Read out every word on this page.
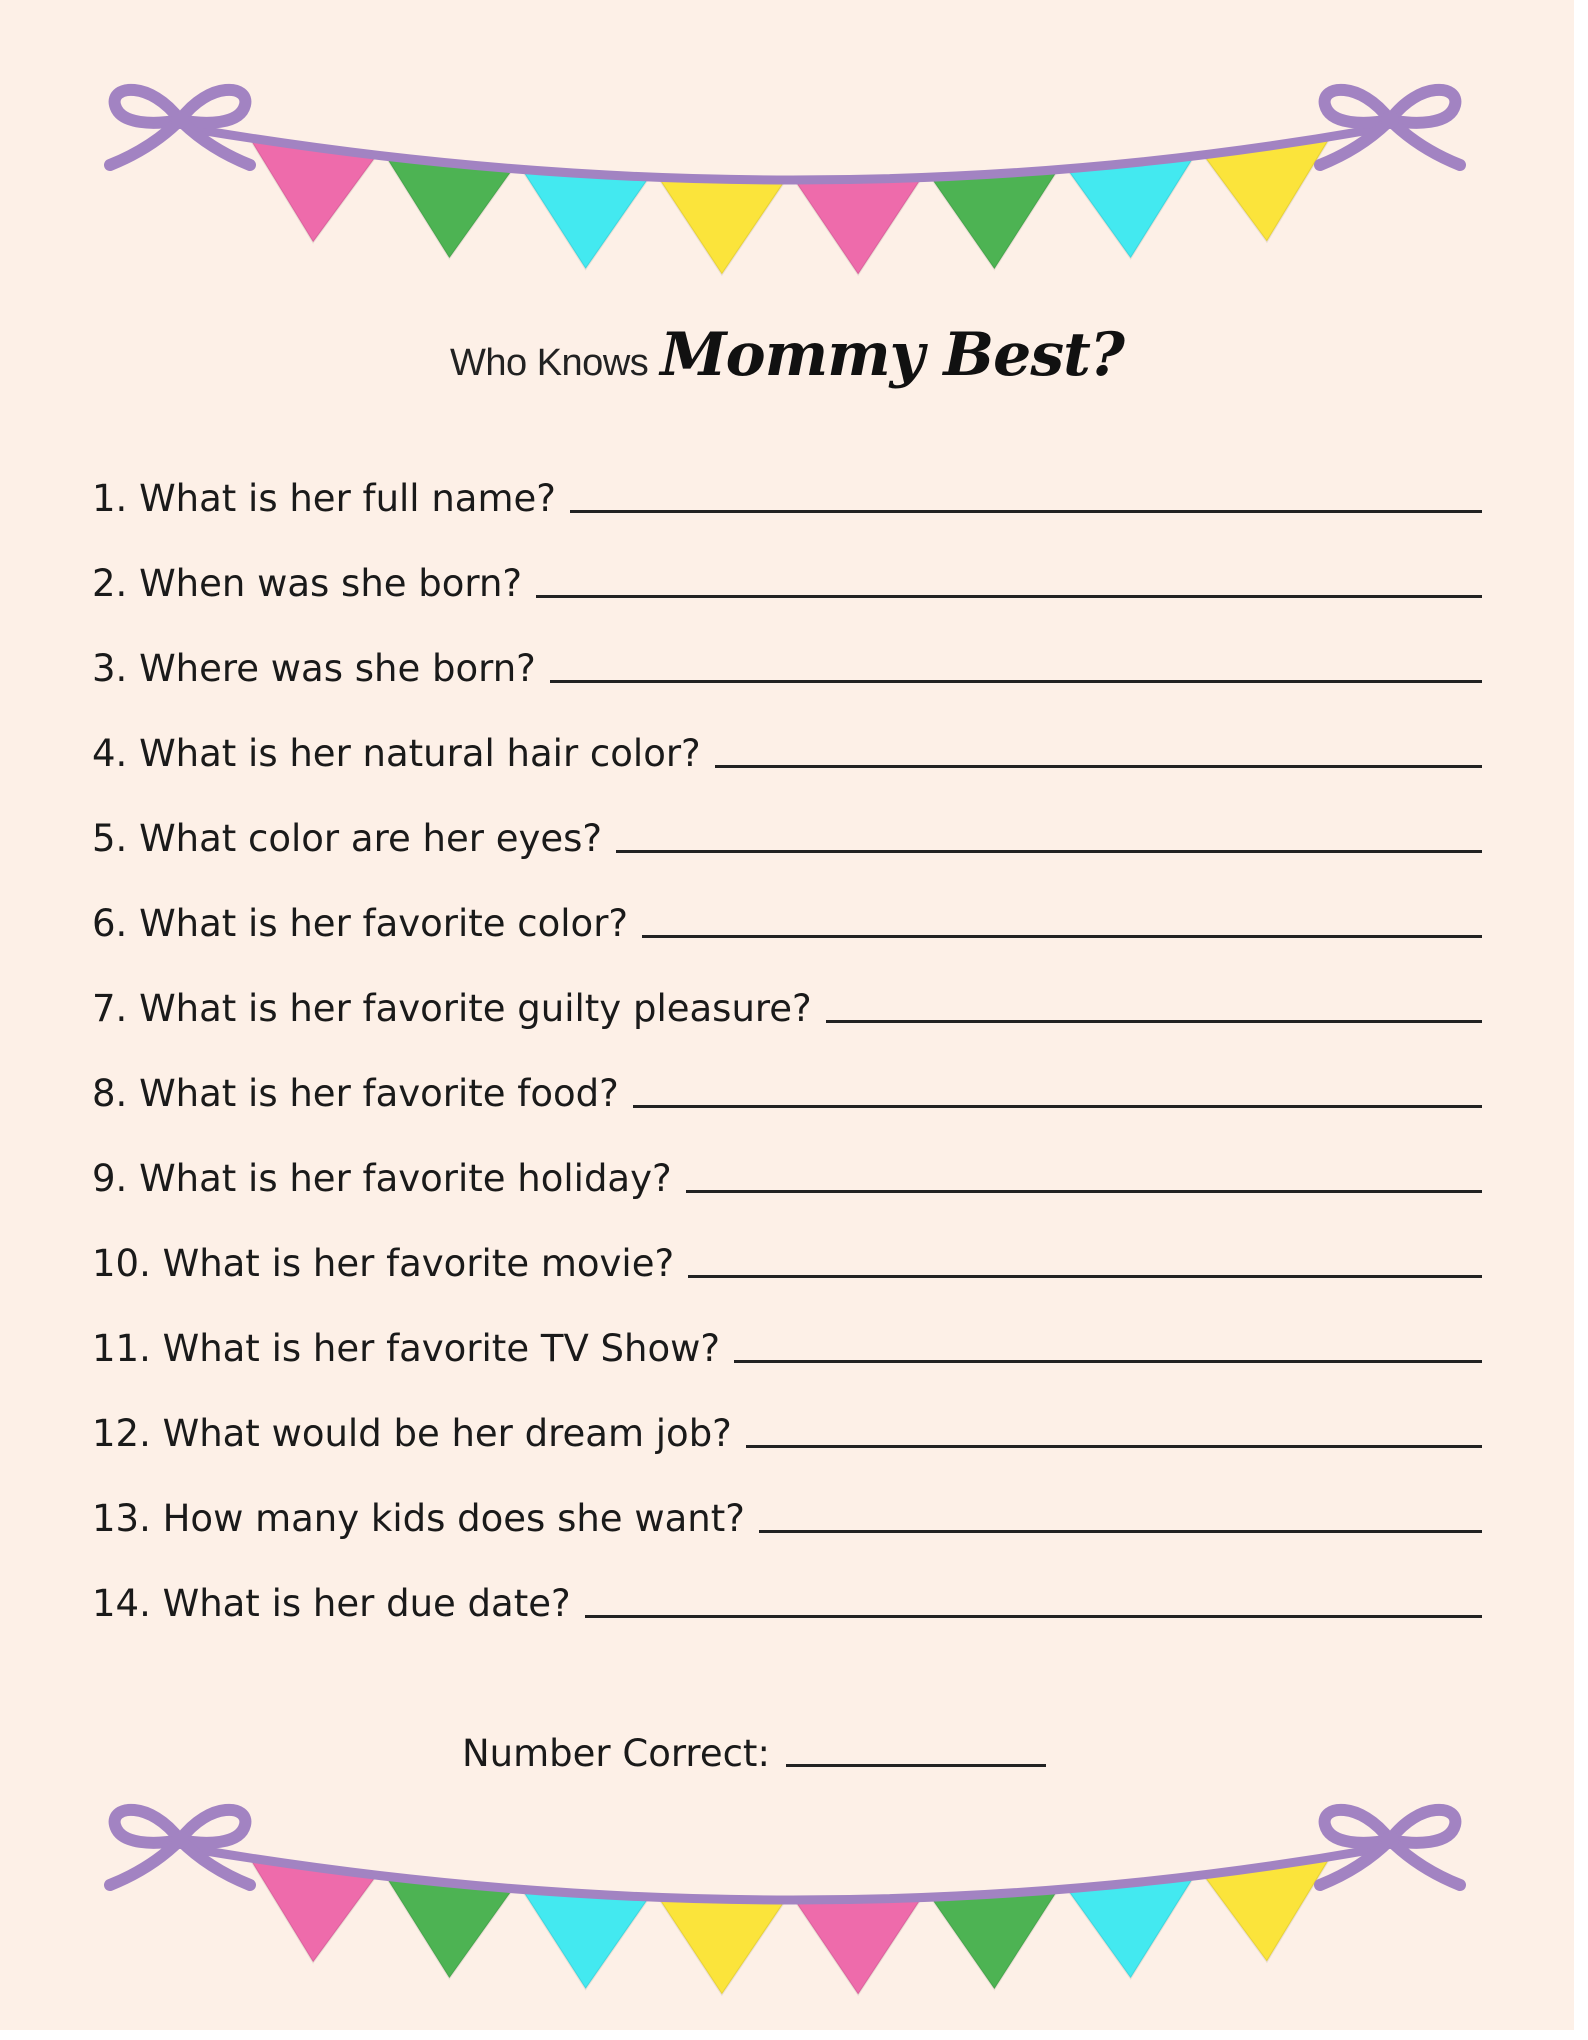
Who Knows Mommy Best?
1. What is her full name?
2. When was she born?
3. Where was she born?
4. What is her natural hair color?
5. What color are her eyes?
6. What is her favorite color?
7. What is her favorite guilty pleasure?
8. What is her favorite food?
9. What is her favorite holiday?
10. What is her favorite movie?
11. What is her favorite TV Show?
12. What would be her dream job?
13. How many kids does she want?
14. What is her due date?
Number Correct:
